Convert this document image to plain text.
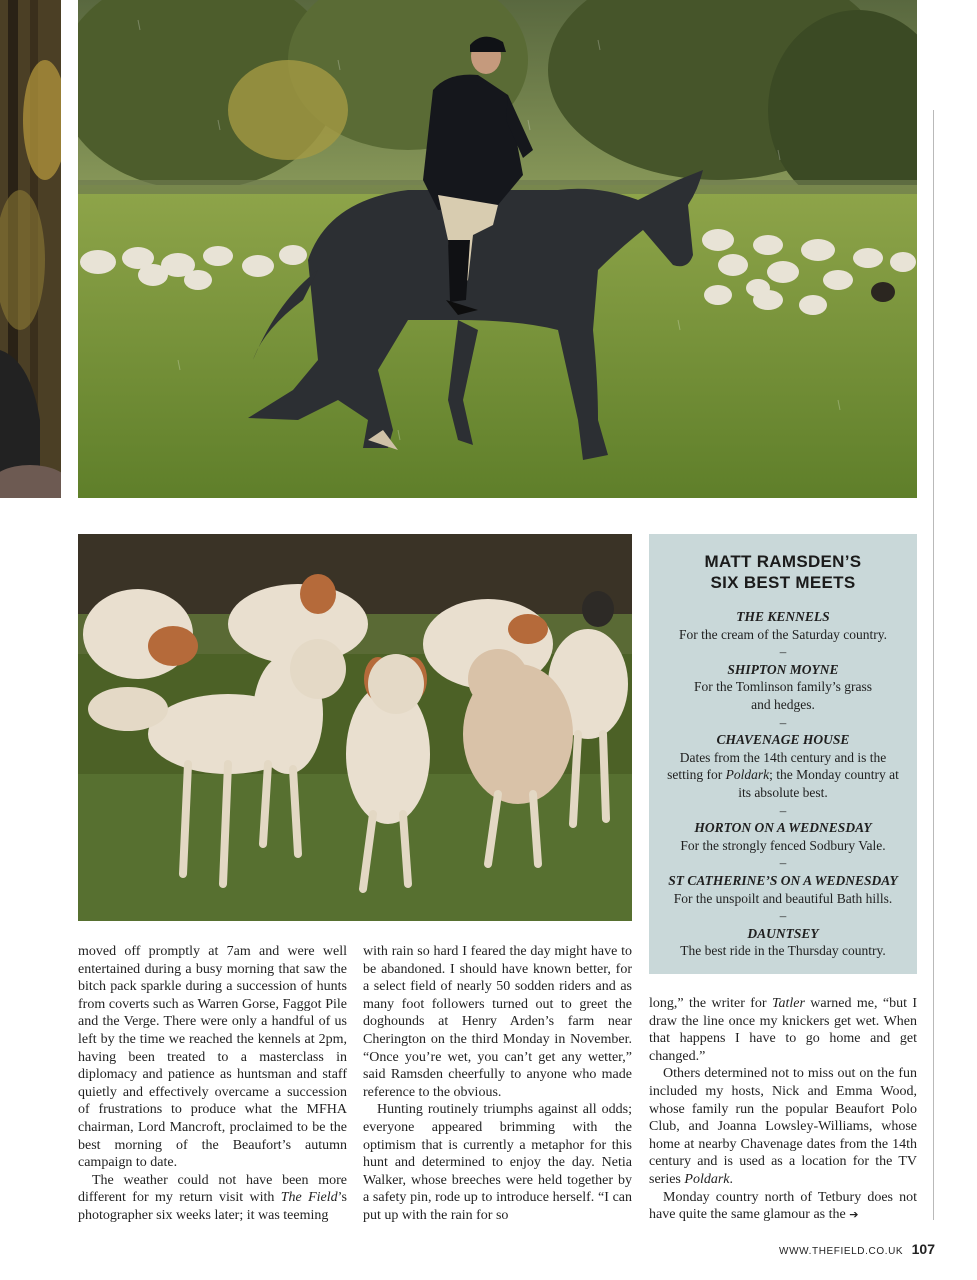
MATT RAMSDEN’S
SIX BEST MEETS
THE KENNELS
For the cream of the Saturday country.
–
SHIPTON MOYNE
For the Tomlinson family’s grass and hedges.
–
CHAVENAGE HOUSE
Dates from the 14th century and is the setting for Poldark; the Monday country at its absolute best.
–
HORTON ON A WEDNESDAY
For the strongly fenced Sodbury Vale.
–
ST CATHERINE’S ON A WEDNESDAY
For the unspoilt and beautiful Bath hills.
–
DAUNTSEY
The best ride in the Thursday country.

moved off promptly at 7am and were well entertained during a busy morning that saw the bitch pack sparkle during a succession of hunts from coverts such as Warren Gorse, Faggot Pile and the Verge. There were only a handful of us left by the time we reached the kennels at 2pm, having been treated to a masterclass in diplomacy and patience as huntsman and staff quietly and effectively overcame a succession of frustrations to produce what the MFHA chairman, Lord Mancroft, proclaimed to be the best morning of the Beaufort’s autumn campaign to date.

The weather could not have been more different for my return visit with The Field’s photographer six weeks later; it was teeming

with rain so hard I feared the day might have to be abandoned. I should have known better, for a select field of nearly 50 sodden riders and as many foot followers turned out to greet the doghounds at Henry Arden’s farm near Cherington on the third Monday in November. “Once you’re wet, you can’t get any wetter,” said Ramsden cheerfully to anyone who made reference to the obvious.

Hunting routinely triumphs against all odds; everyone appeared brimming with the optimism that is currently a metaphor for this hunt and determined to enjoy the day. Netia Walker, whose breeches were held together by a safety pin, rode up to introduce herself. “I can put up with the rain for so

long,” the writer for Tatler warned me, “but I draw the line once my knickers get wet. When that happens I have to go home and get changed.”

Others determined not to miss out on the fun included my hosts, Nick and Emma Wood, whose family run the popular Beaufort Polo Club, and Joanna Lowsley-Williams, whose home at nearby Chavenage dates from the 14th century and is used as a location for the TV series Poldark.

Monday country north of Tetbury does not have quite the same glamour as the ➔

WWW.THEFIELD.CO.UK 107
